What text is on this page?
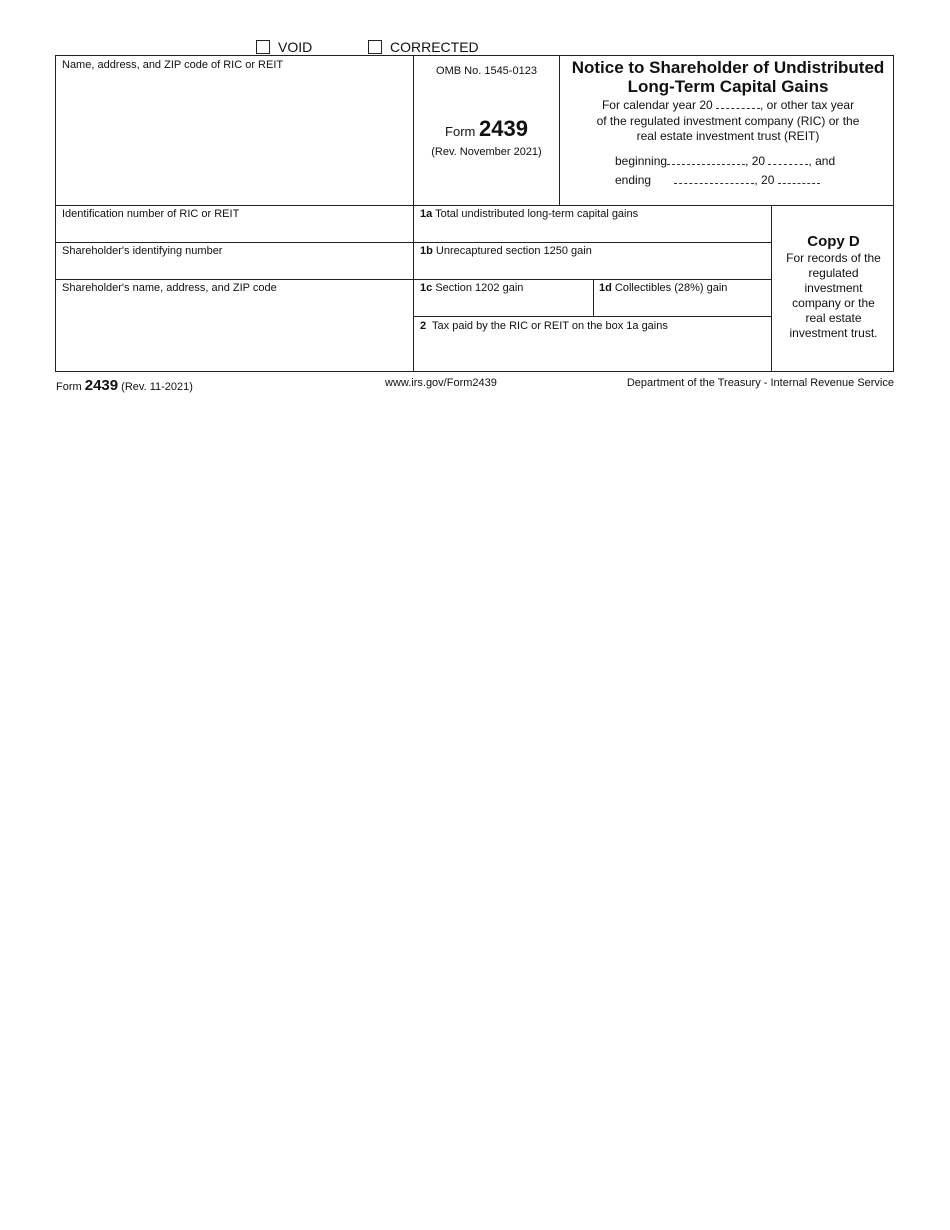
VOID	CORRECTED
Name, address, and ZIP code of RIC or REIT	OMB No. 1545-0123
Form 2439
(Rev. November 2021)
Notice to Shareholder of Undistributed
Long-Term Capital Gains
For calendar year 20	, or other tax year
of the regulated investment company (RIC) or the
real estate investment trust (REIT)
beginning	, 20	, and
ending	, 20
Identification number of RIC or REIT	1a Total undistributed long-term capital gains
Shareholder's identifying number	1b Unrecaptured section 1250 gain
Shareholder's name, address, and ZIP code	1c Section 1202 gain	1d Collectibles (28%) gain
2 Tax paid by the RIC or REIT on the box 1a gains
Copy D
For records of the
regulated
investment
company or the
real estate
investment trust.
Form 2439 (Rev. 11-2021)	www.irs.gov/Form2439	Department of the Treasury - Internal Revenue Service
